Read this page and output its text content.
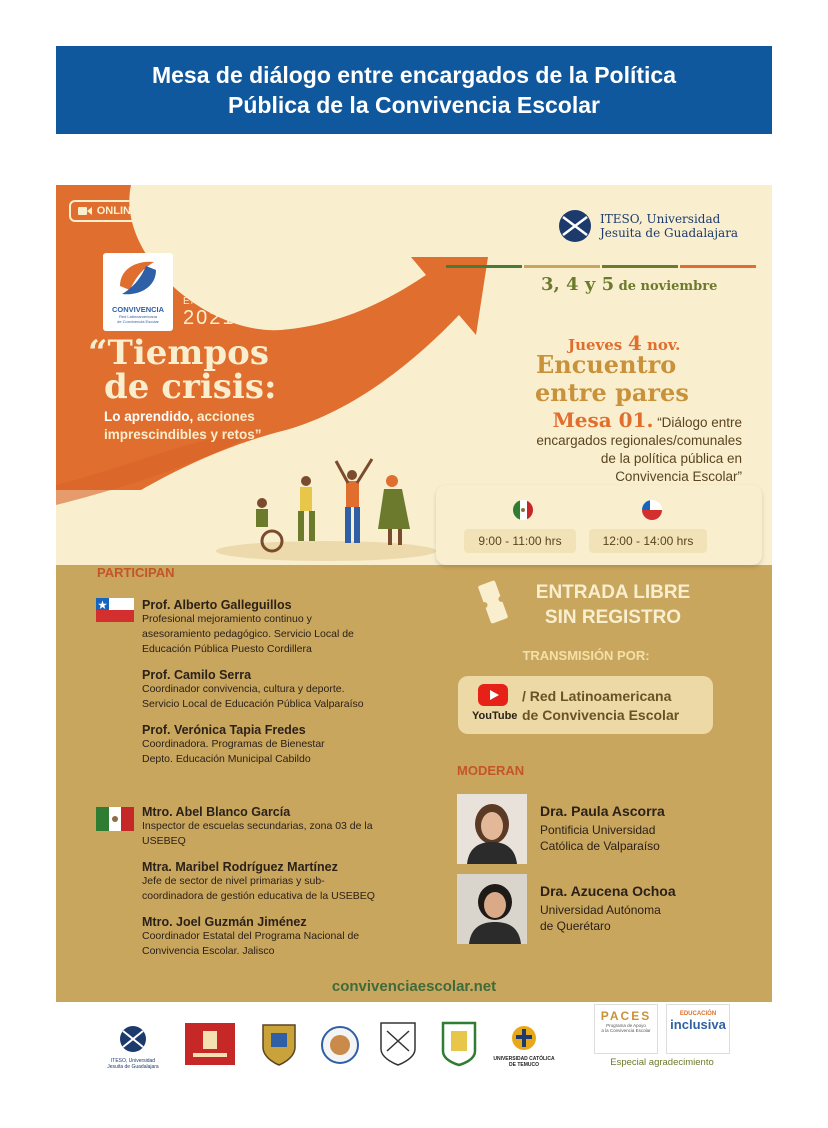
Mesa de diálogo entre encargados de la Política
Pública de la Convivencia Escolar
ONLINE
CONVIVENCIA
Red Latinoamericana
de Convivencia Escolar
ENCUENTRO
2021
“Tiempos
de crisis:
Lo aprendido, acciones
imprescindibles y retos”
ITESO, Universidad
Jesuita de Guadalajara
3, 4 y 5 de noviembre
Jueves 4 nov.
Encuentro
entre pares
Mesa 01. “Diálogo entre
encargados regionales/comunales
de la política pública en
Convivencia Escolar”
9:00 - 11:00 hrs	12:00 - 14:00 hrs
PARTICIPAN
Prof. Alberto Galleguillos
Profesional mejoramiento continuo y
asesoramiento pedagógico. Servicio Local de
Educación Pública Puesto Cordillera
Prof. Camilo Serra
Coordinador convivencia, cultura y deporte.
Servicio Local de Educación Pública Valparaíso
Prof. Verónica Tapia Fredes
Coordinadora. Programas de Bienestar
Depto. Educación Municipal Cabildo
Mtro. Abel Blanco García
Inspector de escuelas secundarias, zona 03 de la
USEBEQ
Mtra. Maribel Rodríguez Martínez
Jefe de sector de nivel primarias y sub-
coordinadora de gestión educativa de la USEBEQ
Mtro. Joel Guzmán Jiménez
Coordinador Estatal del Programa Nacional de
Convivencia Escolar. Jalisco
ENTRADA LIBRE
SIN REGISTRO
TRANSMISIÓN POR:
YouTube
/ Red Latinoamericana
de Convivencia Escolar
MODERAN
Dra. Paula Ascorra
Pontificia Universidad
Católica de Valparaíso
Dra. Azucena Ochoa
Universidad Autónoma
de Querétaro
convivenciaescolar.net
ITESO, Universidad
Jesuita de Guadalajara
UNIVERSIDAD CATÓLICA
DE TEMUCO
PACES
Programa de Apoyo
a la Convivencia Escolar
EDUCACIÓN
inclusiva
Especial agradecimiento
